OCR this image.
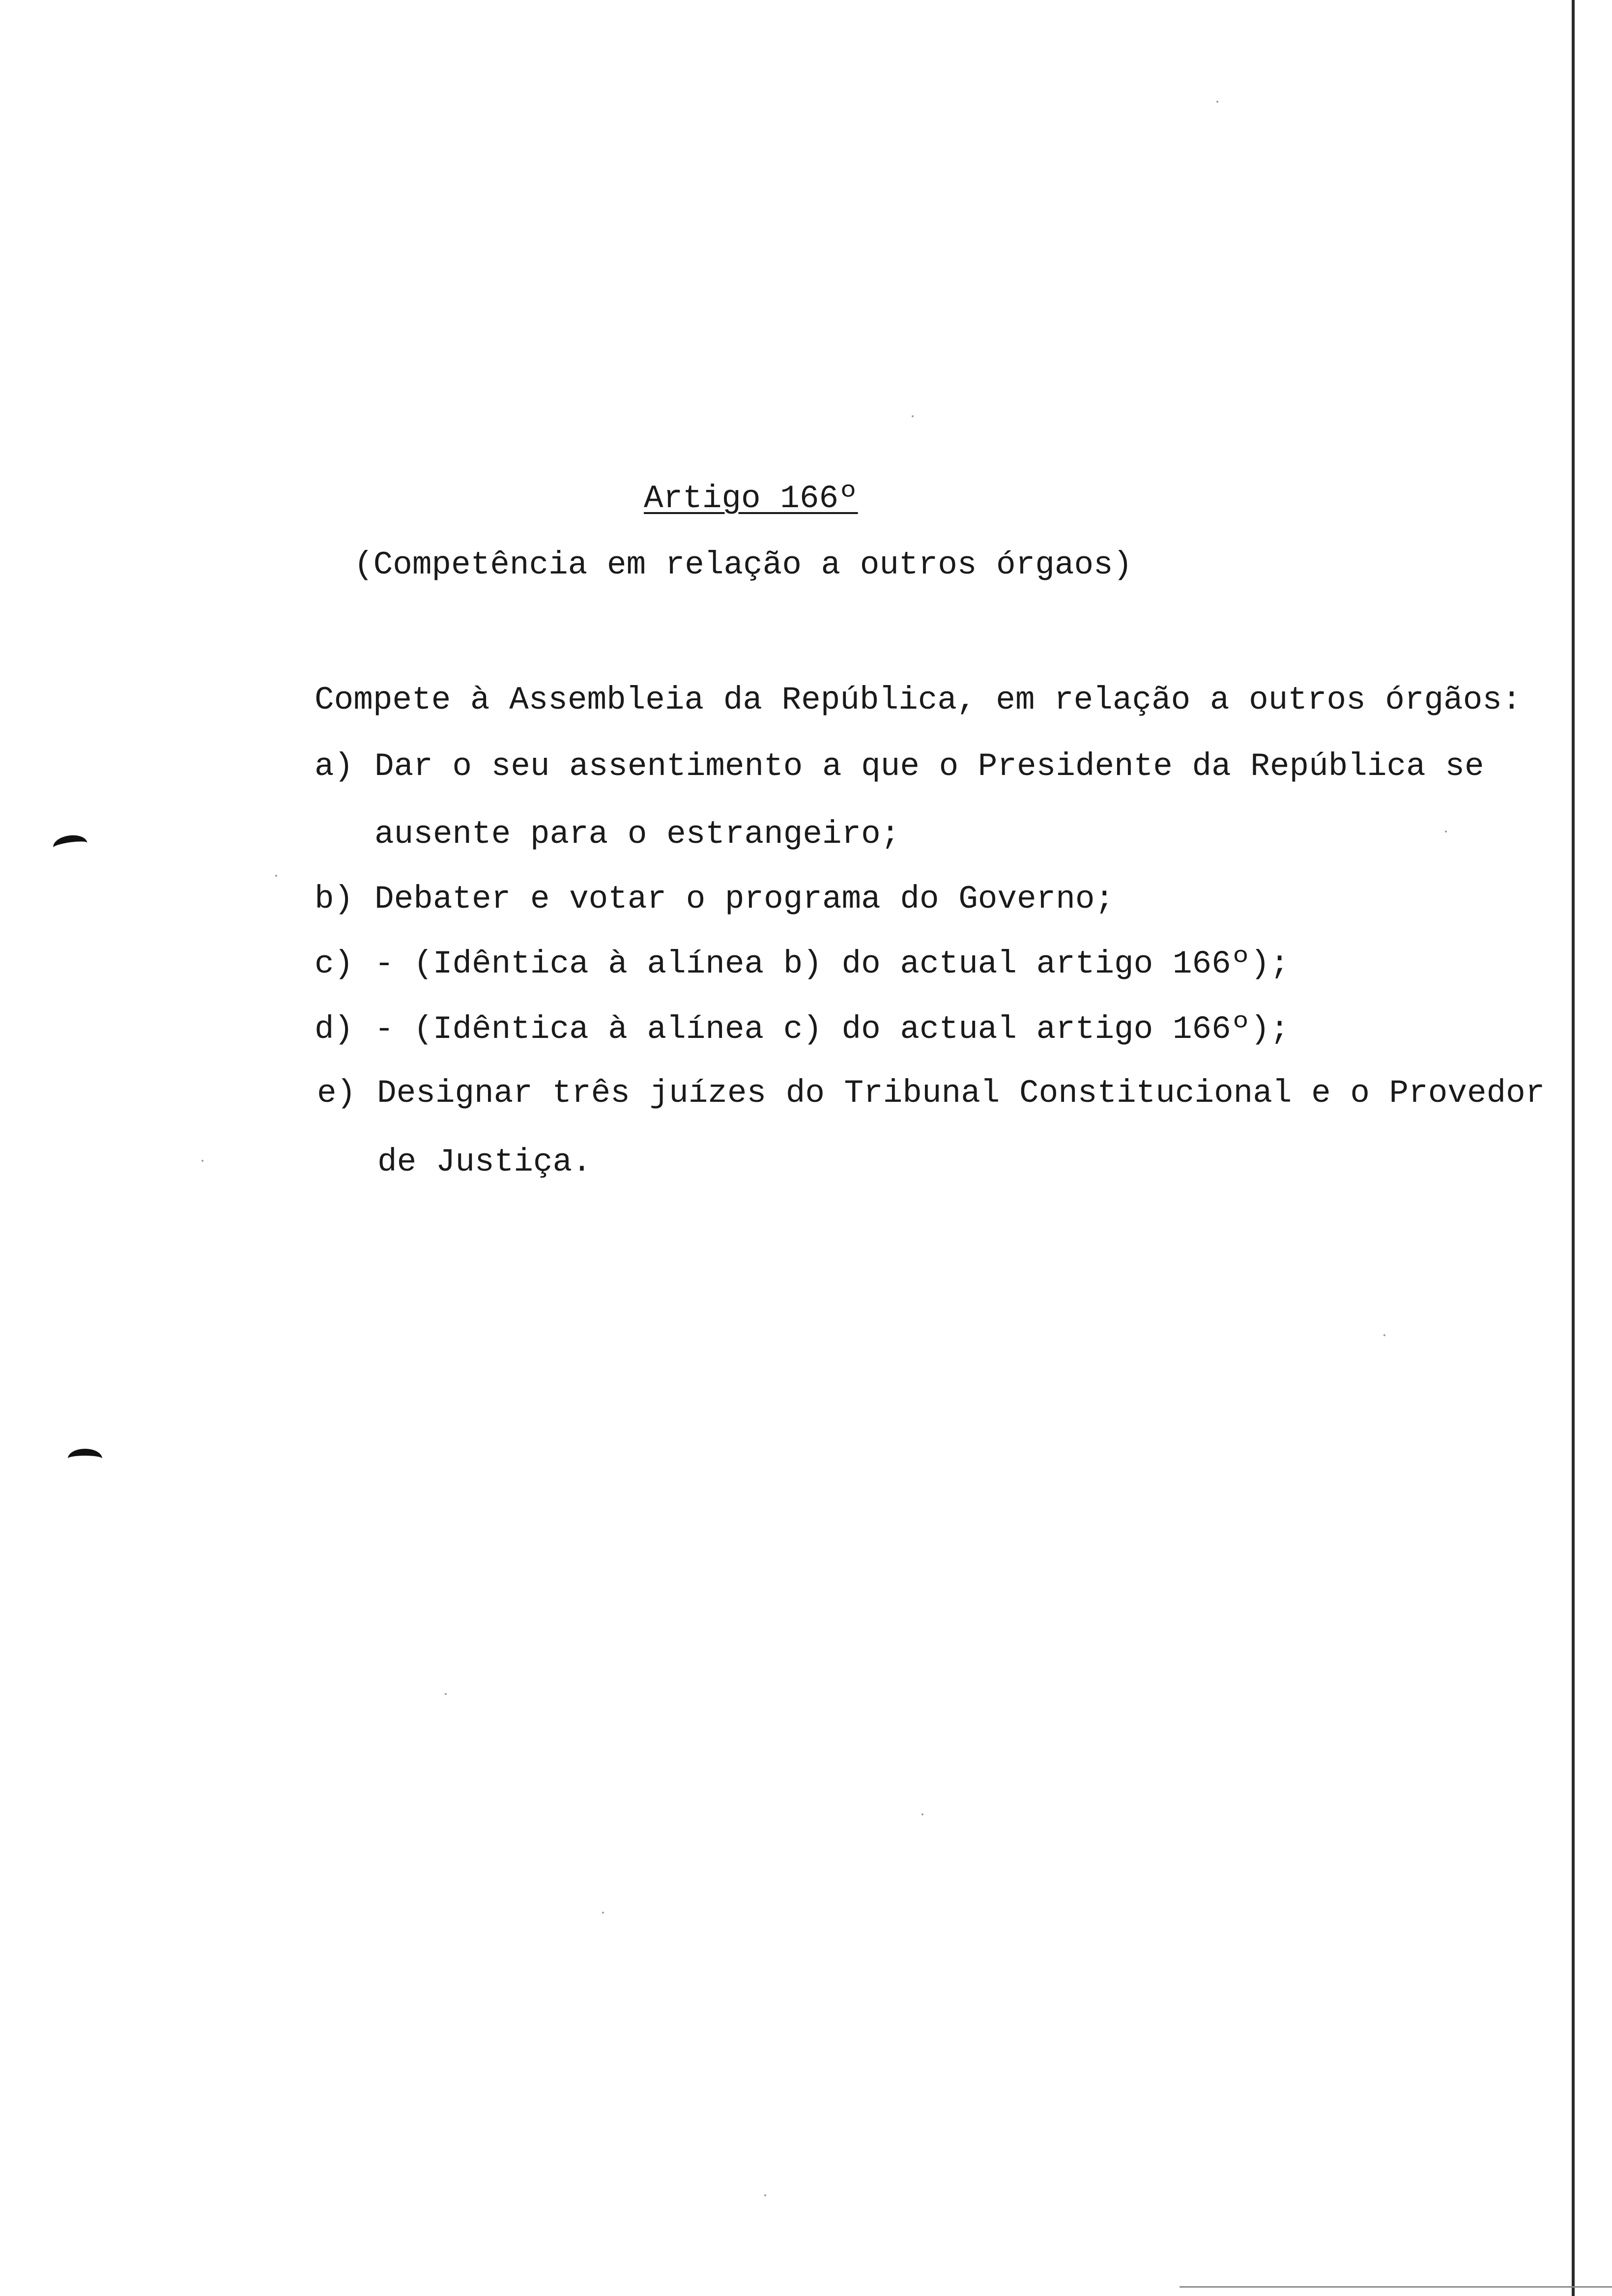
Artigo 166º
(Competência em relação a outros órgaos)
Compete à Assembleia da República, em relação a outros órgãos:
a) Dar o seu assentimento a que o Presidente da República se
ausente para o estrangeiro;
b) Debater e votar o programa do Governo;
c) - (Idêntica à alínea b) do actual artigo 166º);
d) - (Idêntica à alínea c) do actual artigo 166º);
e) Designar três juízes do Tribunal Constitucional e o Provedor
de Justiça.
